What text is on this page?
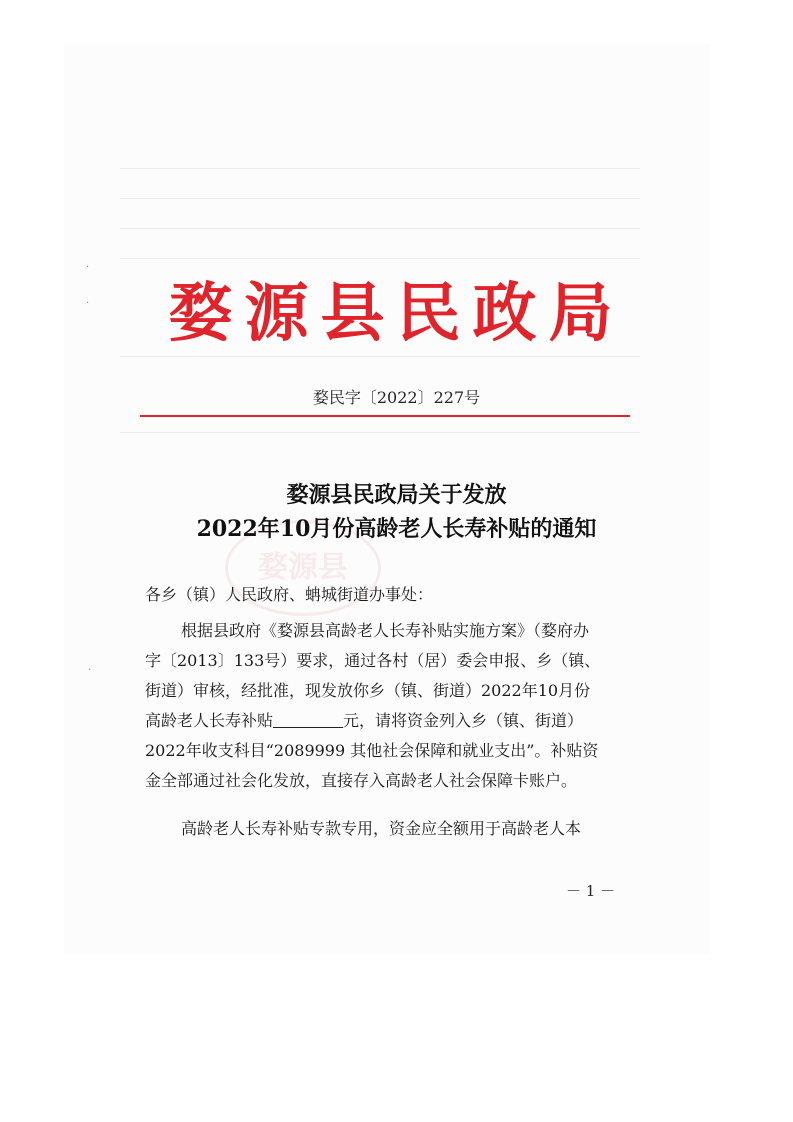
·
·
·
婺源县民政局
婺民字〔2022〕227号
婺源县
婺源县民政局关于发放
2022年10月份高龄老人长寿补贴的通知
各乡（镇）人民政府、蚺城街道办事处：
根据县政府《婺源县高龄老人长寿补贴实施方案》（婺府办
字〔2013〕133号）要求，通过各村（居）委会申报、乡（镇、
街道）审核，经批准，现发放你乡（镇、街道）2022年10月份
高龄老人长寿补贴	元，请将资金列入乡（镇、街道）
2022年收支科目“2089999 其他社会保障和就业支出”。补贴资
金全部通过社会化发放，直接存入高龄老人社会保障卡账户。
高龄老人长寿补贴专款专用，资金应全额用于高龄老人本
－ 1 －
